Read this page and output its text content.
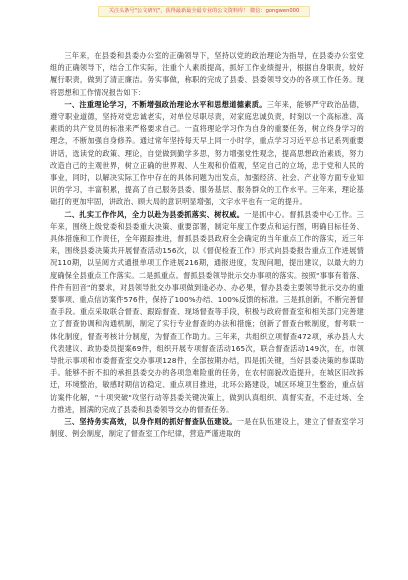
关注头条号"公文研究"，获得最新最全最专业的公文资料库！ 微信：gongwen000

三年来，在县委和县委办公室的正确领导下，坚持以党的政治理论为指导，在县委办公室党组的正确领导下，结合工作实际，注重个人素质提高，抓好工作业绩提升，根据自身职责，较好履行职责，做到了清正廉洁。务实事做，称职的完成了县委、县委领导交办的各项工作任务。现将思想和工作情况报告如下：

一、注重理论学习，不断增强政治理论水平和思想道德素质。三年来，能够严守政治品德，遵守职业道德，坚持对党忠诚老实，对单位尽职尽责，对家庭忠诚负责，时刻以一个高标准、高素质的共产党员的标准来严格要求自己。一直将理论学习作为自身的重要任务，树立终身学习的理念，不断加强自身修养。通过常年坚持每天早上同一小时学，重点学习习近平总书记系列重要讲话，选读党的政策、理论，自觉做到勤学多思，努力增强党性观念，提高思想政治素质，努力改造自己的主观世界，树立正确的世界观、人生观和价值观，坚定自己的立场，忠于党和人民的事业，同时，以解决实际工作中存在的具体问题为出发点，加强经济、社会、产业等方面专业知识的学习，丰富积累，提高了自己服务县委、服务基层、服务群众的工作水平。三年来，理论基础打的更加牢固，讲政治、顾大局的意识明显增强，文字水平也有一定的提升。

二、扎实工作作风，全力以赴为县委抓落实、树权威。一是抓中心。督抓县委中心工作。三年来，围绕上级党委和县委重大决策、重要部署，制定年度工作要点和运行图，明确目标任务、具体措施和工作责任，全年跟踪推进，督抓县委县政府全会确定的当年重点工作的落实，近三年来，围绕县委决策共开展督查活动156次，以《督促检查工作》形式向县委报告重点工作进展情况110期，以呈阅方式通报单项工作进展216期，通报进度，发现问题，提出建议，以最大的力度确保全县重点工作落实。二是抓重点。督抓县委领导批示交办事项的落实。按照"事事有着落、件件有回音"的要求，对县领导批交办事项做到逢必办、办必果，督办县委主要领导批示交办的重要事项、重点信访案件576件，保持了100%办结、100%反馈的标准。三是抓创新，不断完善督查手段。重点采取联合督查、跟踪督查、现场督查等手段，积极与政府督查室和相关部门完善建立了督查协调和沟通机制，制定了实行专业督查的办法和措施；创新了督查台帐制度，督考联一体化制度，督查考核计分制度，为督查工作助力。三年来，共组织立项督查472项，承办县人大代表建议、政协委员提案69件，组织开展专项督查活动165次，联合督查活动149次，在，市领导批示事项和市委督查室交办事项128件，全部按期办结，四是抓关键，当好县委决策的参谋助手。能够不折不扣的承担县委交办的各项急难险重的任务，在农村面貌改造提升，在城区旧改拆迁，环境整治，敏感时期信访稳定、重点项目推进，北环公路建设，城区环境卫生整治，重点信访案件化解，"十项突破"攻坚行动等县委关键决策上，做到认真组织、真督实查，不走过场、全力推进，圆满的完成了县委和县委领导交办的督查任务。

三、坚持务实高效，以身作则的抓好督查队伍建设。一是在队伍建设上，建立了督查室学习制度、例会制度，制定了督查室工作纪律，营造严谨进取的
